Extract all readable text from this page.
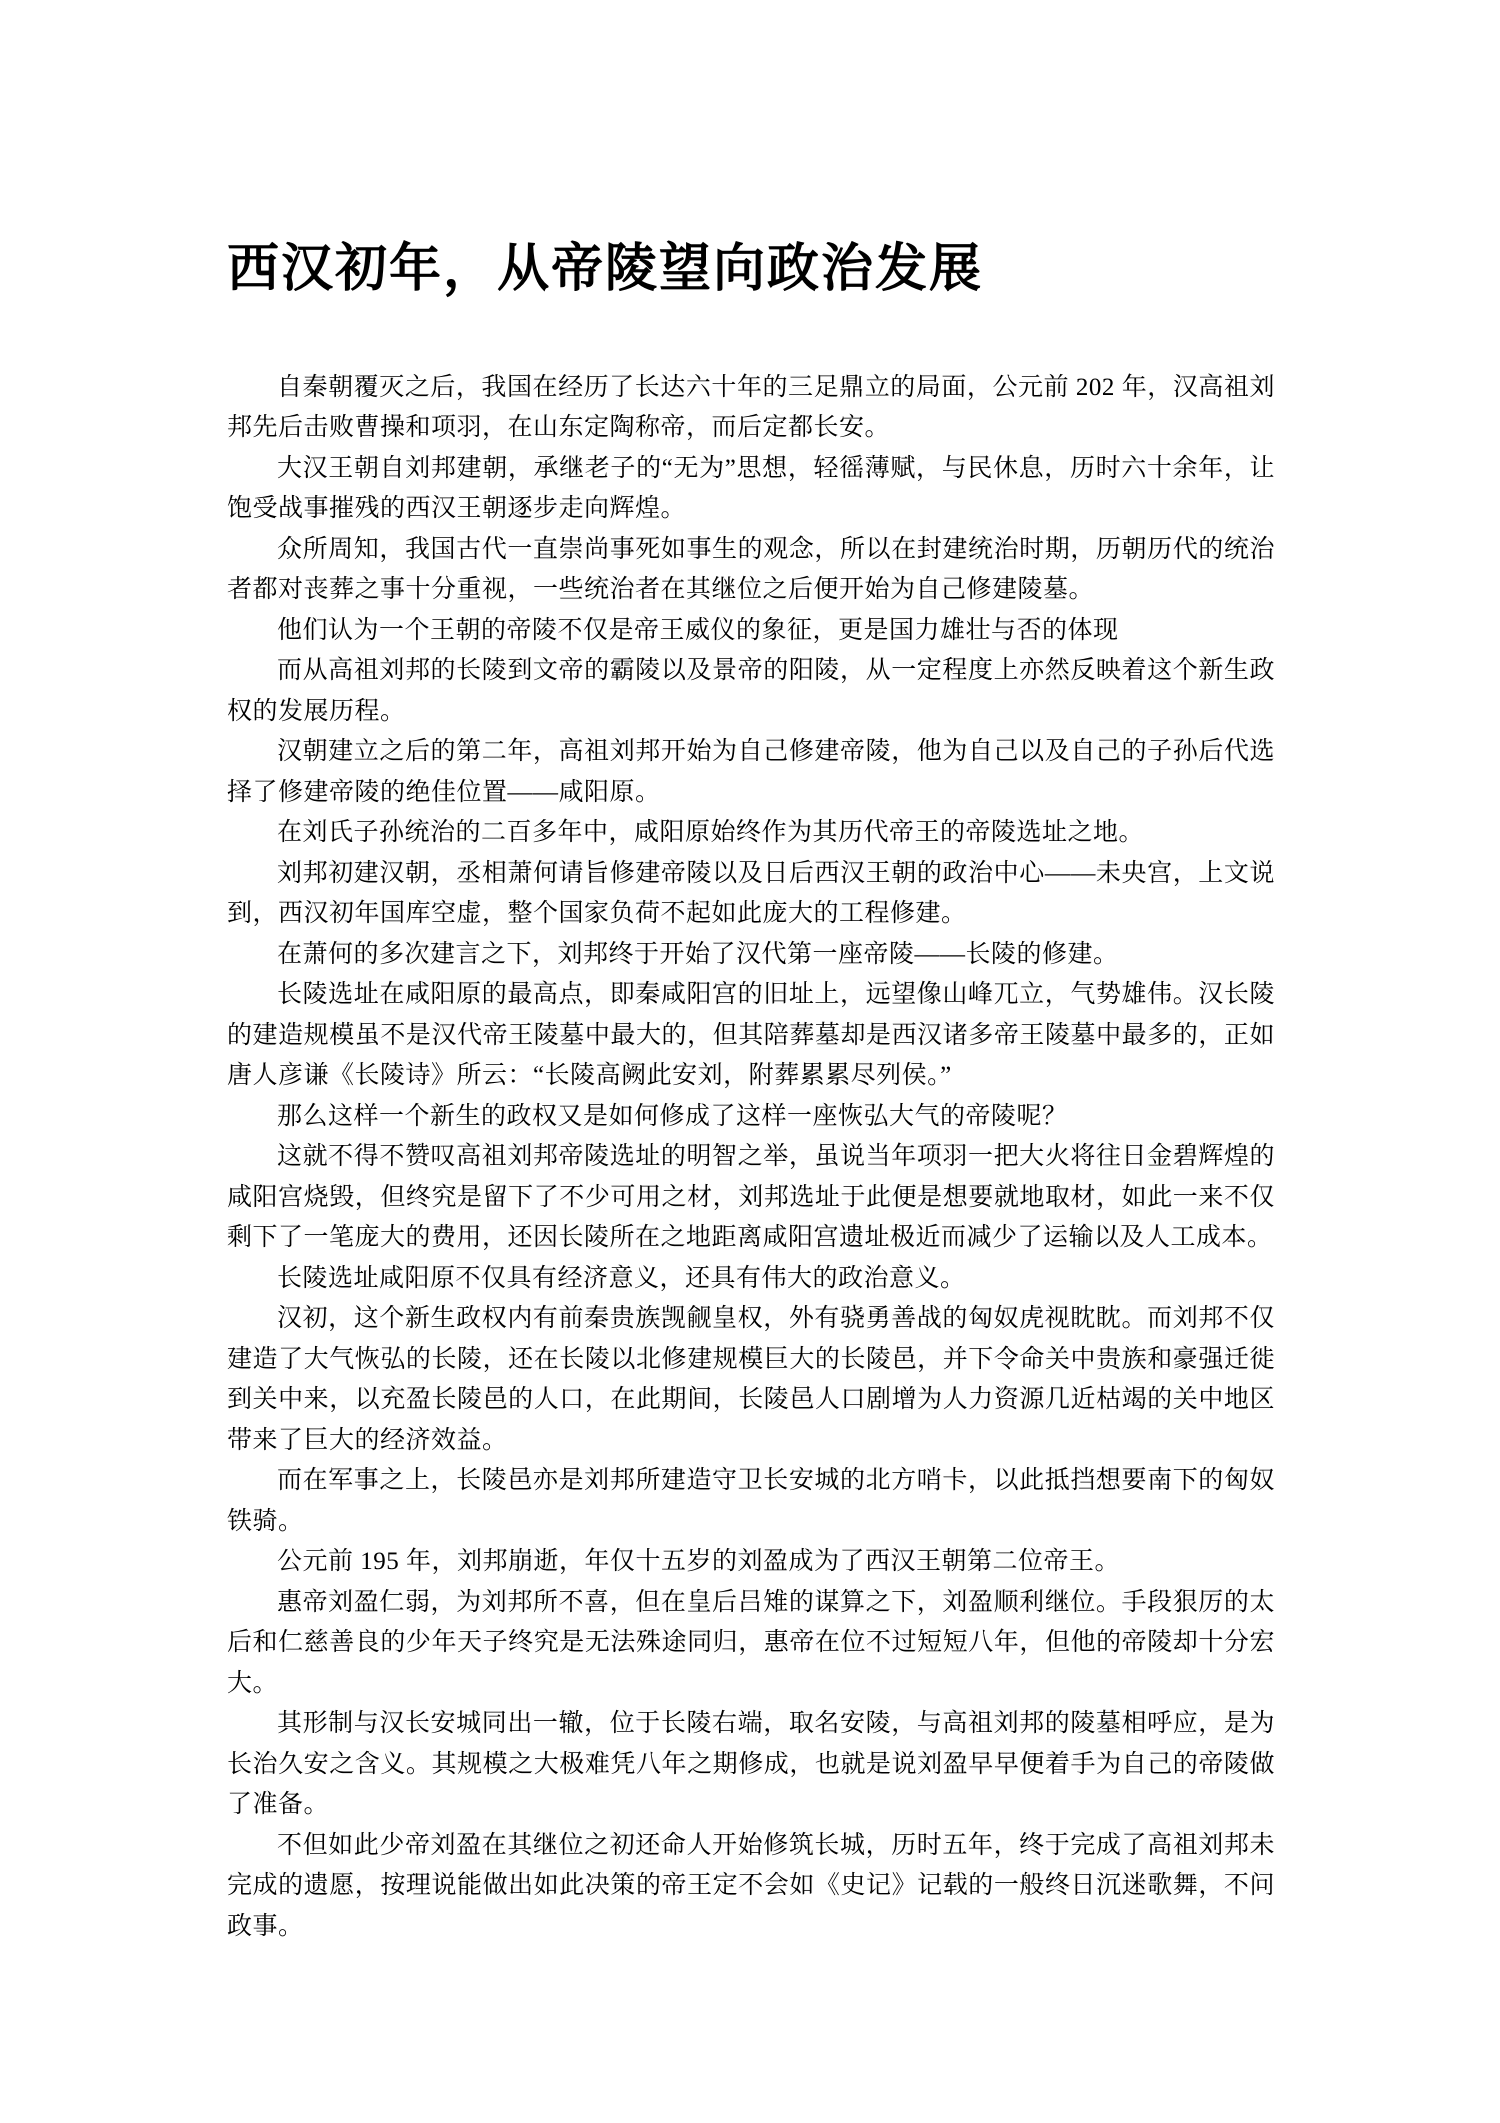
西汉初年，从帝陵望向政治发展

自秦朝覆灭之后，我国在经历了长达六十年的三足鼎立的局面，公元前 202 年，汉高祖刘邦先后击败曹操和项羽，在山东定陶称帝，而后定都长安。

大汉王朝自刘邦建朝，承继老子的“无为”思想，轻徭薄赋，与民休息，历时六十余年，让饱受战事摧残的西汉王朝逐步走向辉煌。

众所周知，我国古代一直崇尚事死如事生的观念，所以在封建统治时期，历朝历代的统治者都对丧葬之事十分重视，一些统治者在其继位之后便开始为自己修建陵墓。

他们认为一个王朝的帝陵不仅是帝王威仪的象征，更是国力雄壮与否的体现

而从高祖刘邦的长陵到文帝的霸陵以及景帝的阳陵，从一定程度上亦然反映着这个新生政权的发展历程。

汉朝建立之后的第二年，高祖刘邦开始为自己修建帝陵，他为自己以及自己的子孙后代选择了修建帝陵的绝佳位置——咸阳原。

在刘氏子孙统治的二百多年中，咸阳原始终作为其历代帝王的帝陵选址之地。

刘邦初建汉朝，丞相萧何请旨修建帝陵以及日后西汉王朝的政治中心——未央宫，上文说到，西汉初年国库空虚，整个国家负荷不起如此庞大的工程修建。

在萧何的多次建言之下，刘邦终于开始了汉代第一座帝陵——长陵的修建。

长陵选址在咸阳原的最高点，即秦咸阳宫的旧址上，远望像山峰兀立，气势雄伟。汉长陵的建造规模虽不是汉代帝王陵墓中最大的，但其陪葬墓却是西汉诸多帝王陵墓中最多的，正如唐人彦谦《长陵诗》所云：“长陵高阙此安刘，附葬累累尽列侯。”

那么这样一个新生的政权又是如何修成了这样一座恢弘大气的帝陵呢？

这就不得不赞叹高祖刘邦帝陵选址的明智之举，虽说当年项羽一把大火将往日金碧辉煌的咸阳宫烧毁，但终究是留下了不少可用之材，刘邦选址于此便是想要就地取材，如此一来不仅剩下了一笔庞大的费用，还因长陵所在之地距离咸阳宫遗址极近而减少了运输以及人工成本。

长陵选址咸阳原不仅具有经济意义，还具有伟大的政治意义。

汉初，这个新生政权内有前秦贵族觊觎皇权，外有骁勇善战的匈奴虎视眈眈。而刘邦不仅建造了大气恢弘的长陵，还在长陵以北修建规模巨大的长陵邑，并下令命关中贵族和豪强迁徙到关中来，以充盈长陵邑的人口，在此期间，长陵邑人口剧增为人力资源几近枯竭的关中地区带来了巨大的经济效益。

而在军事之上，长陵邑亦是刘邦所建造守卫长安城的北方哨卡，以此抵挡想要南下的匈奴铁骑。

公元前 195 年，刘邦崩逝，年仅十五岁的刘盈成为了西汉王朝第二位帝王。

惠帝刘盈仁弱，为刘邦所不喜，但在皇后吕雉的谋算之下，刘盈顺利继位。手段狠厉的太后和仁慈善良的少年天子终究是无法殊途同归，惠帝在位不过短短八年，但他的帝陵却十分宏大。

其形制与汉长安城同出一辙，位于长陵右端，取名安陵，与高祖刘邦的陵墓相呼应，是为长治久安之含义。其规模之大极难凭八年之期修成，也就是说刘盈早早便着手为自己的帝陵做了准备。

不但如此少帝刘盈在其继位之初还命人开始修筑长城，历时五年，终于完成了高祖刘邦未完成的遗愿，按理说能做出如此决策的帝王定不会如《史记》记载的一般终日沉迷歌舞，不问政事。
